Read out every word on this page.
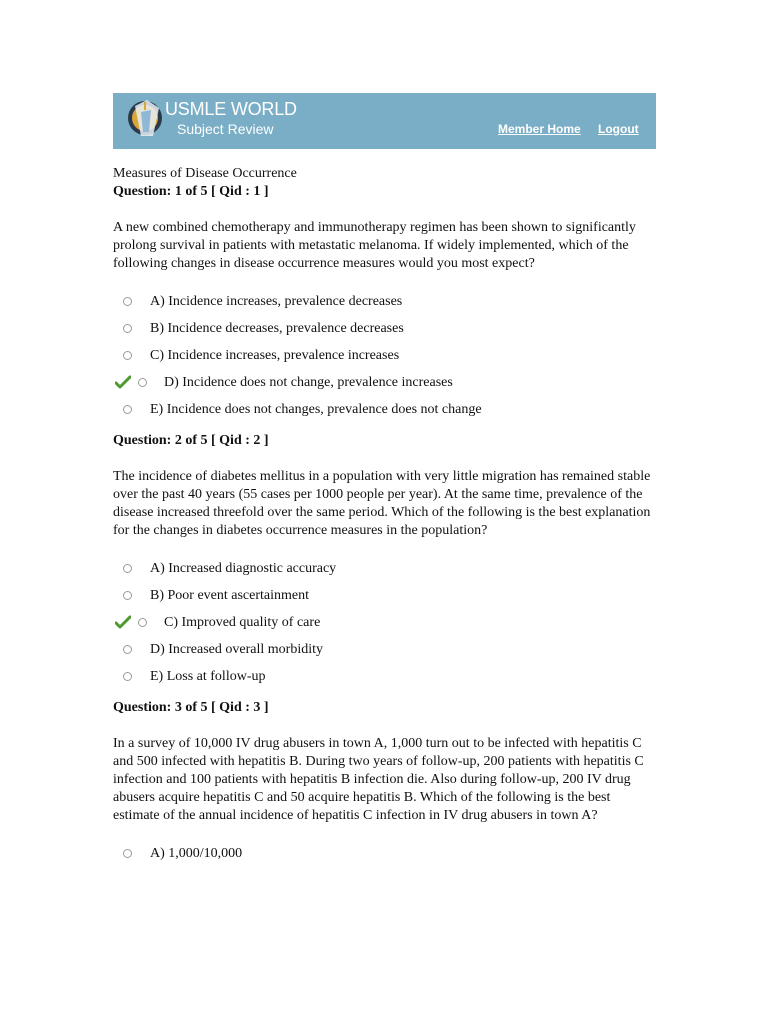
USMLE WORLD
Subject Review	Member Home Logout

Measures of Disease Occurrence

Question: 1 of 5 [ Qid : 1 ]

A new combined chemotherapy and immunotherapy regimen has been shown to significantly prolong survival in patients with metastatic melanoma. If widely implemented, which of the following changes in disease occurrence measures would you most expect?

A) Incidence increases, prevalence decreases
B) Incidence decreases, prevalence decreases
C) Incidence increases, prevalence increases
D) Incidence does not change, prevalence increases
E) Incidence does not changes, prevalence does not change

Question: 2 of 5 [ Qid : 2 ]

The incidence of diabetes mellitus in a population with very little migration has remained stable over the past 40 years (55 cases per 1000 people per year). At the same time, prevalence of the disease increased threefold over the same period. Which of the following is the best explanation for the changes in diabetes occurrence measures in the population?

A) Increased diagnostic accuracy
B) Poor event ascertainment
C) Improved quality of care
D) Increased overall morbidity
E) Loss at follow-up

Question: 3 of 5 [ Qid : 3 ]

In a survey of 10,000 IV drug abusers in town A, 1,000 turn out to be infected with hepatitis C and 500 infected with hepatitis B. During two years of follow-up, 200 patients with hepatitis C infection and 100 patients with hepatitis B infection die. Also during follow-up, 200 IV drug abusers acquire hepatitis C and 50 acquire hepatitis B. Which of the following is the best estimate of the annual incidence of hepatitis C infection in IV drug abusers in town A?

A) 1,000/10,000
